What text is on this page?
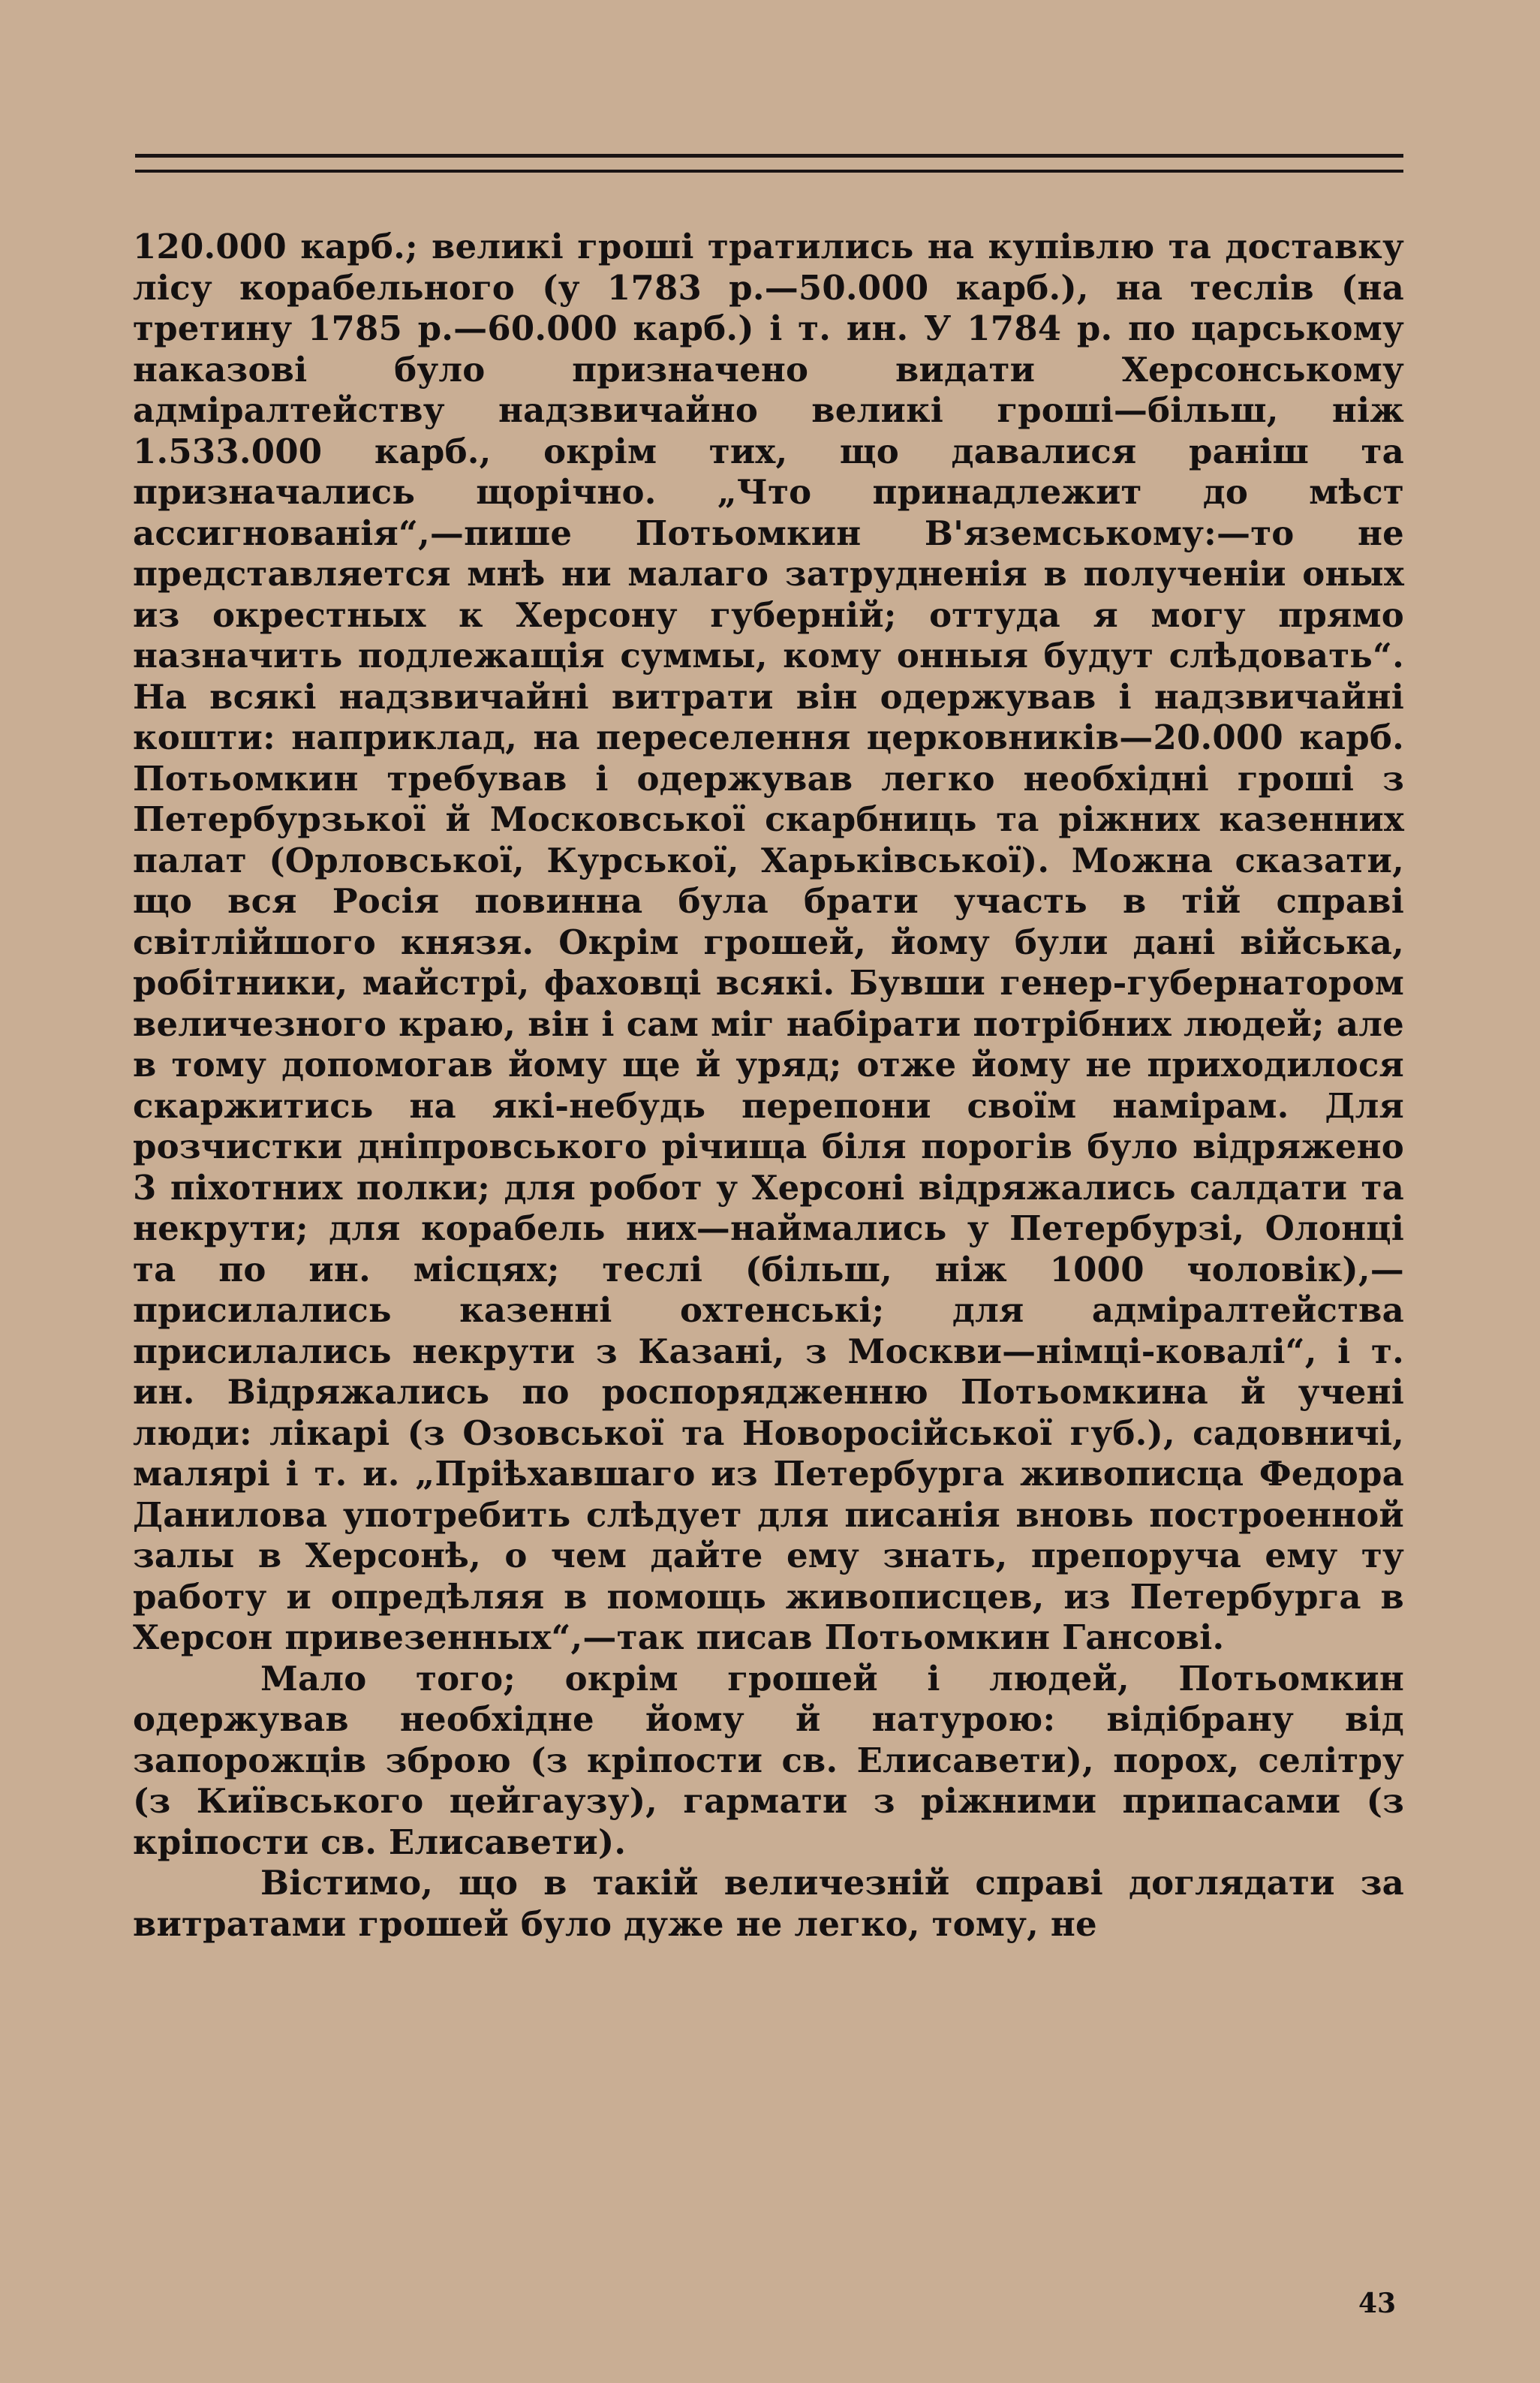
120.000 карб.; великі гроші тратились на купівлю та доставку лісу корабельного (у 1783 р.—50.000 карб.), на теслів (на третину 1785 р.—60.000 карб.) і т. ин. У 1784 р. по царському наказові було призначено видати Херсонському адміралтейству надзвичайно великі гроші—більш, ніж 1.533.000 карб., окрім тих, що давалися раніш та призначались щорічно. „Что принадлежит до мѣст ассигнованія“,—пише Потьомкин В'яземському:—то не представляется мнѣ ни малаго затрудненія в полученіи оных из окрестных к Херсону губерній; оттуда я могу прямо назначить подлежащія суммы, кому онныя будут слѣдовать“. На всякі надзвичайні витрати він одержував і надзвичайні кошти: наприклад, на переселення церковників—20.000 карб. Потьомкин требував і одержував легко необхідні гроші з Петербурзької й Московської скарбниць та ріжних казенних палат (Орловської, Курської, Харьківської). Можна сказати, що вся Росія повинна була брати участь в тій справі світлійшого князя. Окрім грошей, йому були дані війська, робітники, майстрі, фаховці всякі. Бувши генер-губернатором величезного краю, він і сам міг набірати потрібних людей; але в тому допомогав йому ще й уряд; отже йому не приходилося скаржитись на які-небудь перепони своїм намірам. Для розчистки дніпровського річища біля порогів було відряжено 3 піхотних полки; для робот у Херсоні відряжались салдати та некрути; для корабель них—наймались у Петербурзі, Олонці та по ин. місцях; теслі (більш, ніж 1000 чоловік),—присилались казенні охтенські; для адміралтейства присилались некрути з Казані, з Москви—німці-ковалі“, і т. ин. Відряжались по роспорядженню Потьомкина й учені люди: лікарі (з Озовської та Новоросійської губ.), садовничі, малярі і т. и. „Пріѣхавшаго из Петербурга живописца Федора Данилова употребить слѣдует для писанія вновь построенной залы в Херсонѣ, о чем дайте ему знать, препоруча ему ту работу и опредѣляя в помощь живописцев, из Петербурга в Херсон привезенных“,—так писав Потьомкин Гансові.

Мало того; окрім грошей і людей, Потьомкин одержував необхідне йому й натурою: відібрану від запорожців зброю (з кріпости св. Елисавети), порох, селітру (з Київського цейгаузу), гармати з ріжними припасами (з кріпости св. Елисавети).

Вістимо, що в такій величезній справі доглядати за витратами грошей було дуже не легко, тому, не

43
